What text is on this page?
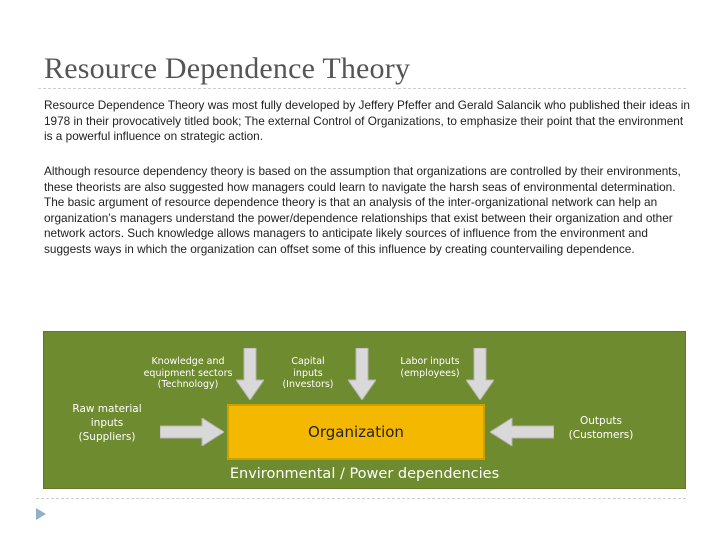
Resource Dependence Theory
Resource Dependence Theory was most fully developed by Jeffery Pfeffer and Gerald Salancik who published their ideas in 1978 in their provocatively titled book; The external Control of Organizations, to emphasize their point that the environment is a powerful influence on strategic action.
Although resource dependency theory is based on the assumption that organizations are controlled by their environments, these theorists are also suggested how managers could learn to navigate the harsh seas of environmental determination. The basic argument of resource dependence theory is that an analysis of the inter-organizational network can help an organization’s managers understand the power/dependence relationships that exist between their organization and other network actors. Such knowledge allows managers to anticipate likely sources of influence from the environment and suggests ways in which the organization can offset some of this influence by creating countervailing dependence.
Knowledge and
equipment sectors
(Technology)
Capital
inputs
(Investors)
Labor inputs
(employees)
Raw material
inputs
(Suppliers)
Outputs
(Customers)
Organization
Environmental / Power dependencies
